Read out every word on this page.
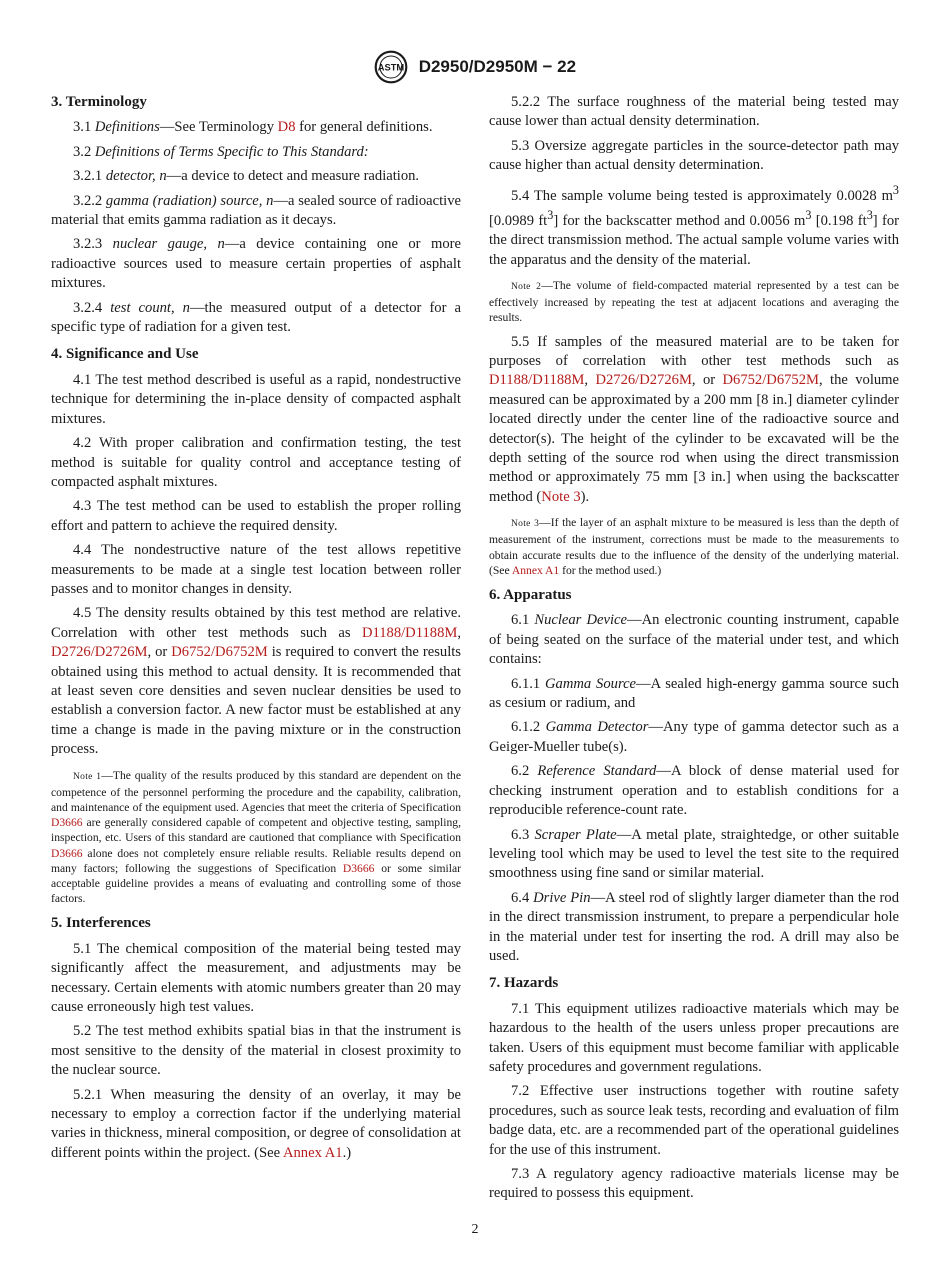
ASTM D2950/D2950M − 22
3. Terminology

3.1 Definitions—See Terminology D8 for general definitions.

3.2 Definitions of Terms Specific to This Standard:

3.2.1 detector, n—a device to detect and measure radiation.

3.2.2 gamma (radiation) source, n—a sealed source of radioactive material that emits gamma radiation as it decays.

3.2.3 nuclear gauge, n—a device containing one or more radioactive sources used to measure certain properties of asphalt mixtures.

3.2.4 test count, n—the measured output of a detector for a specific type of radiation for a given test.

4. Significance and Use

4.1 The test method described is useful as a rapid, nondestructive technique for determining the in-place density of compacted asphalt mixtures.

4.2 With proper calibration and confirmation testing, the test method is suitable for quality control and acceptance testing of compacted asphalt mixtures.

4.3 The test method can be used to establish the proper rolling effort and pattern to achieve the required density.

4.4 The nondestructive nature of the test allows repetitive measurements to be made at a single test location between roller passes and to monitor changes in density.

4.5 The density results obtained by this test method are relative. Correlation with other test methods such as D1188/D1188M, D2726/D2726M, or D6752/D6752M is required to convert the results obtained using this method to actual density. It is recommended that at least seven core densities and seven nuclear densities be used to establish a conversion factor. A new factor must be established at any time a change is made in the paving mixture or in the construction process.

Note 1—The quality of the results produced by this standard are dependent on the competence of the personnel performing the procedure and the capability, calibration, and maintenance of the equipment used. Agencies that meet the criteria of Specification D3666 are generally considered capable of competent and objective testing, sampling, inspection, etc. Users of this standard are cautioned that compliance with Specification D3666 alone does not completely ensure reliable results. Reliable results depend on many factors; following the suggestions of Specification D3666 or some similar acceptable guideline provides a means of evaluating and controlling some of those factors.

5. Interferences

5.1 The chemical composition of the material being tested may significantly affect the measurement, and adjustments may be necessary. Certain elements with atomic numbers greater than 20 may cause erroneously high test values.

5.2 The test method exhibits spatial bias in that the instrument is most sensitive to the density of the material in closest proximity to the nuclear source.

5.2.1 When measuring the density of an overlay, it may be necessary to employ a correction factor if the underlying material varies in thickness, mineral composition, or degree of consolidation at different points within the project. (See Annex A1.)

5.2.2 The surface roughness of the material being tested may cause lower than actual density determination.

5.3 Oversize aggregate particles in the source-detector path may cause higher than actual density determination.

5.4 The sample volume being tested is approximately 0.0028 $m^3$ [0.0989 $ft^3$] for the backscatter method and 0.0056 $m^3$ [0.198 $ft^3$] for the direct transmission method. The actual sample volume varies with the apparatus and the density of the material.

Note 2—The volume of field-compacted material represented by a test can be effectively increased by repeating the test at adjacent locations and averaging the results.

5.5 If samples of the measured material are to be taken for purposes of correlation with other test methods such as D1188/D1188M, D2726/D2726M, or D6752/D6752M, the volume measured can be approximated by a 200 mm [8 in.] diameter cylinder located directly under the center line of the radioactive source and detector(s). The height of the cylinder to be excavated will be the depth setting of the source rod when using the direct transmission method or approximately 75 mm [3 in.] when using the backscatter method (Note 3).

Note 3—If the layer of an asphalt mixture to be measured is less than the depth of measurement of the instrument, corrections must be made to the measurements to obtain accurate results due to the influence of the density of the underlying material. (See Annex A1 for the method used.)

6. Apparatus

6.1 Nuclear Device—An electronic counting instrument, capable of being seated on the surface of the material under test, and which contains:

6.1.1 Gamma Source—A sealed high-energy gamma source such as cesium or radium, and

6.1.2 Gamma Detector—Any type of gamma detector such as a Geiger-Mueller tube(s).

6.2 Reference Standard—A block of dense material used for checking instrument operation and to establish conditions for a reproducible reference-count rate.

6.3 Scraper Plate—A metal plate, straightedge, or other suitable leveling tool which may be used to level the test site to the required smoothness using fine sand or similar material.

6.4 Drive Pin—A steel rod of slightly larger diameter than the rod in the direct transmission instrument, to prepare a perpendicular hole in the material under test for inserting the rod. A drill may also be used.

7. Hazards

7.1 This equipment utilizes radioactive materials which may be hazardous to the health of the users unless proper precautions are taken. Users of this equipment must become familiar with applicable safety procedures and government regulations.

7.2 Effective user instructions together with routine safety procedures, such as source leak tests, recording and evaluation of film badge data, etc. are a recommended part of the operational guidelines for the use of this instrument.

7.3 A regulatory agency radioactive materials license may be required to possess this equipment.

2
